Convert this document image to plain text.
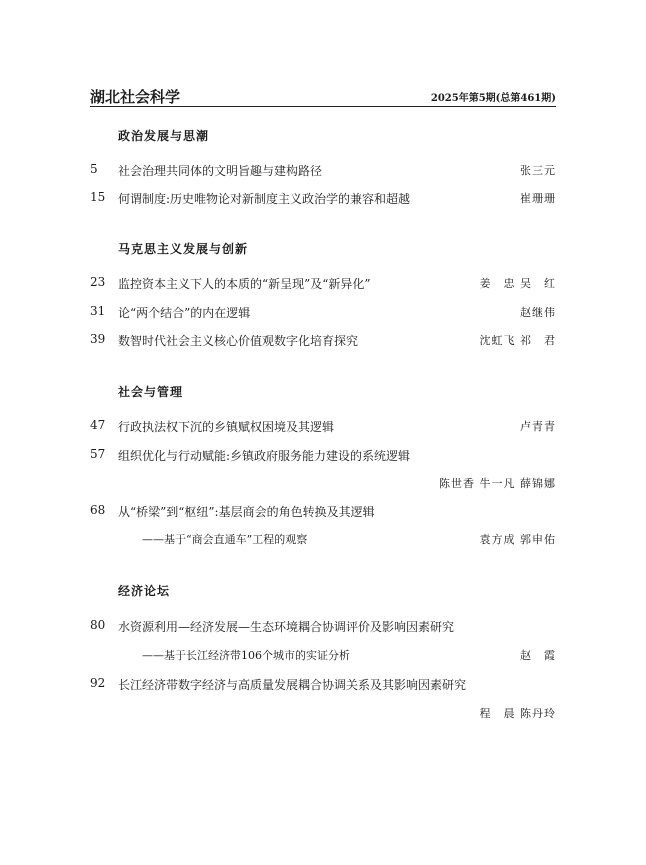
湖北社会科学	2025年第5期(总第461期)
政治发展与思潮
5 社会治理共同体的文明旨趣与建构路径	张三元
15 何谓制度:历史唯物论对新制度主义政治学的兼容和超越	崔珊珊
马克思主义发展与创新
23 监控资本主义下人的本质的“新呈现”及“新异化”	姜　忠 吴　红
31 论“两个结合”的内在逻辑	赵继伟
39 数智时代社会主义核心价值观数字化培育探究	沈虹飞 祁　君
社会与管理
47 行政执法权下沉的乡镇赋权困境及其逻辑	卢青青
57 组织优化与行动赋能:乡镇政府服务能力建设的系统逻辑
陈世香 牛一凡 薛锦娜
68 从“桥梁”到“枢纽”:基层商会的角色转换及其逻辑
——基于“商会直通车”工程的观察	袁方成 郭申佑
经济论坛
80 水资源利用—经济发展—生态环境耦合协调评价及影响因素研究
——基于长江经济带106个城市的实证分析	赵　霞
92 长江经济带数字经济与高质量发展耦合协调关系及其影响因素研究
程　晨 陈丹玲
